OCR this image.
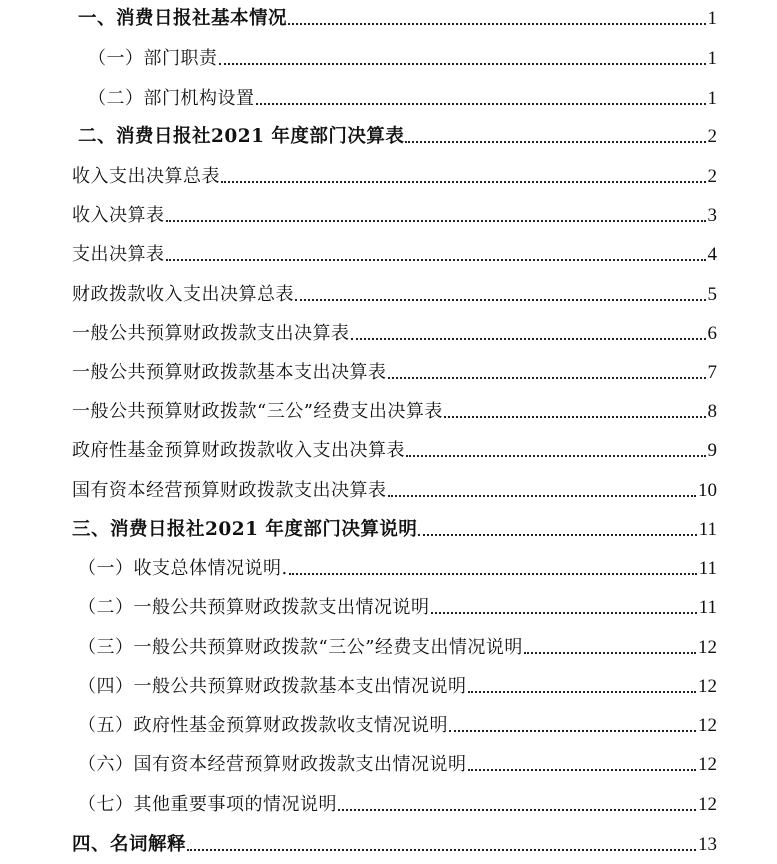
一、消费日报社基本情况	1
（一）部门职责	1
（二）部门机构设置	1
二、消费日报社2021 年度部门决算表	2
收入支出决算总表	2
收入决算表	3
支出决算表	4
财政拨款收入支出决算总表	5
一般公共预算财政拨款支出决算表	6
一般公共预算财政拨款基本支出决算表	7
一般公共预算财政拨款“三公”经费支出决算表	8
政府性基金预算财政拨款收入支出决算表	9
国有资本经营预算财政拨款支出决算表	10
三、消费日报社2021 年度部门决算说明	11
（一）收支总体情况说明.	11
（二）一般公共预算财政拨款支出情况说明	11
（三）一般公共预算财政拨款“三公”经费支出情况说明	12
（四）一般公共预算财政拨款基本支出情况说明	12
（五）政府性基金预算财政拨款收支情况说明	12
（六）国有资本经营预算财政拨款支出情况说明	12
（七）其他重要事项的情况说明	12
四、名词解释	13
